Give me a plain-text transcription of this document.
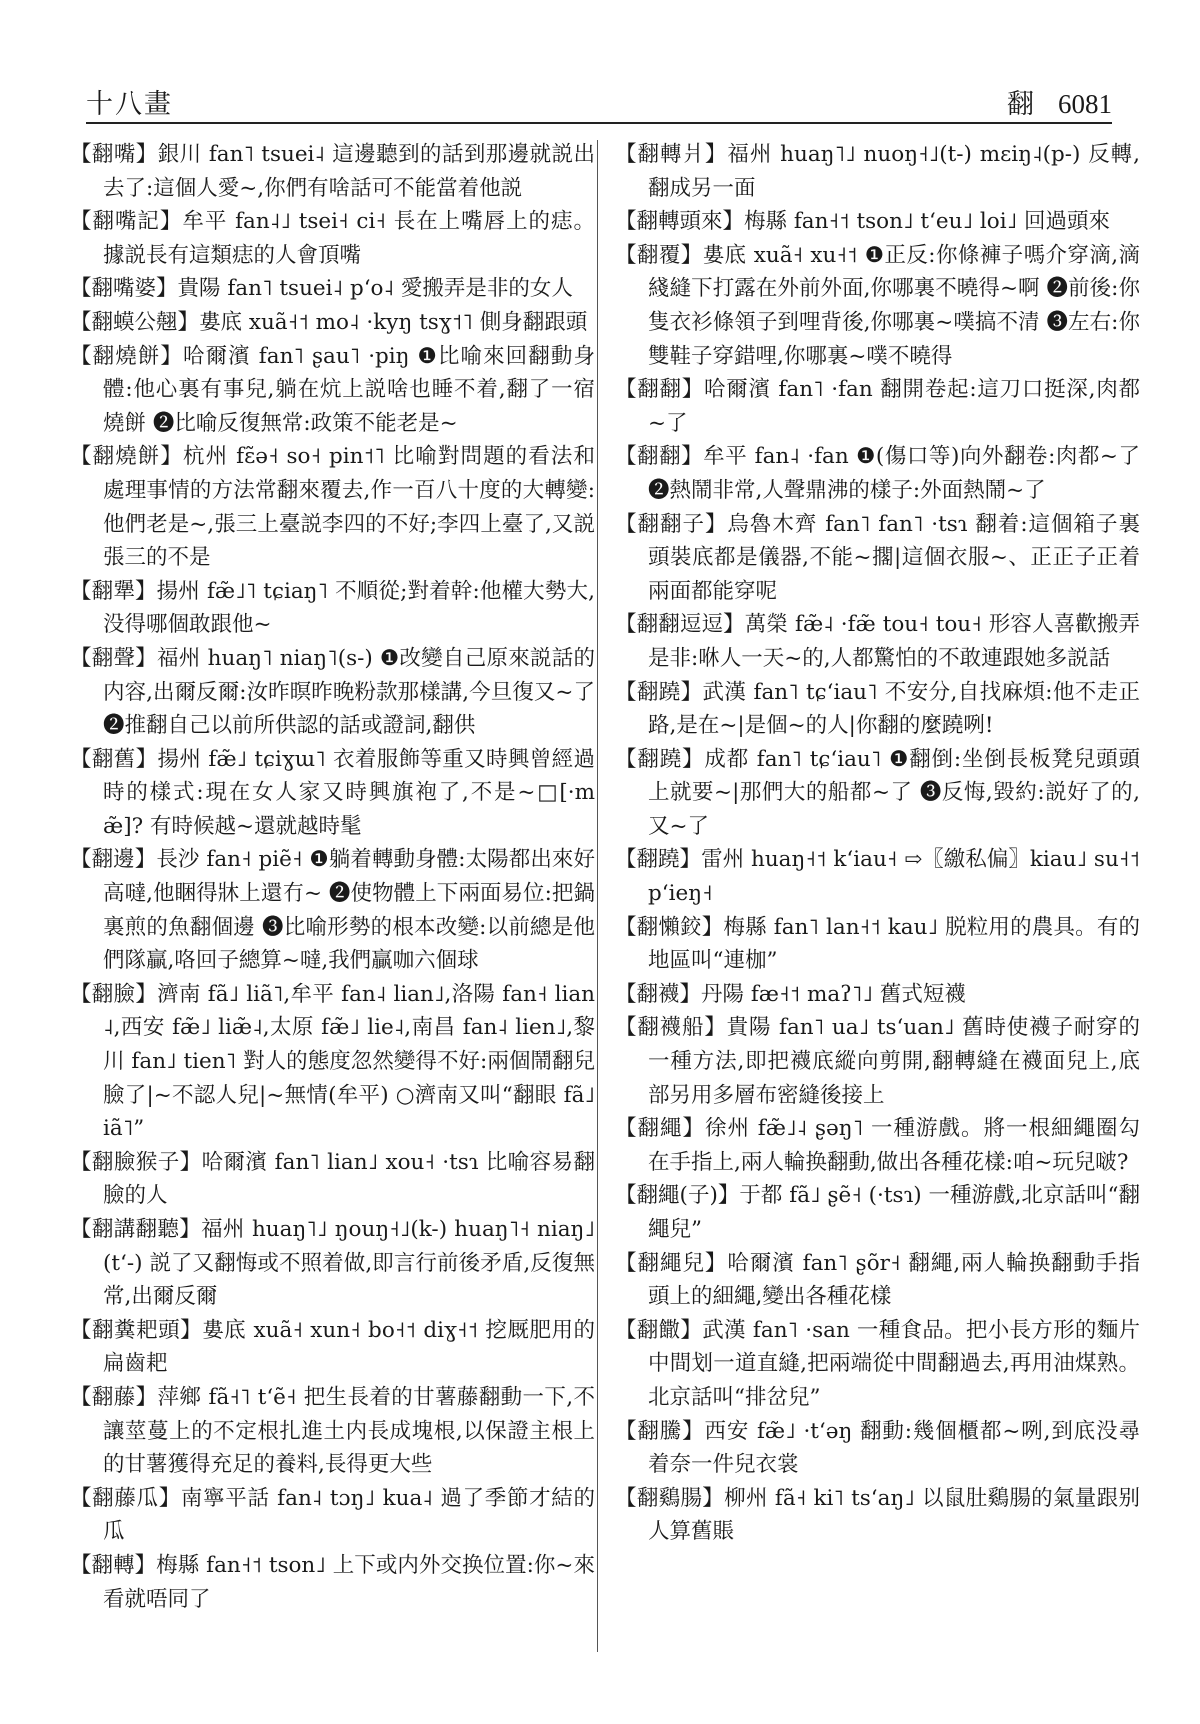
十八畫	翻 6081

【翻嘴】銀川 fan˥ tsuei˨ 這邊聽到的話到那邊就説出去了:這個人愛~,你們有啥話可不能當着他説

【翻嘴記】牟平 fan˨˩ tsei˧ ci˧ 長在上嘴唇上的痣。據説長有這類痣的人會頂嘴

【翻嘴婆】貴陽 fan˥ tsuei˨ pʻo˨ 愛搬弄是非的女人

【翻蟆公翹】婁底 xuã˧˦ mo˨ ·kyŋ tsɣ˦˥ 側身翻跟頭

【翻燒餅】哈爾濱 fan˥ ʂau˥ ·piŋ ❶比喻來回翻動身體:他心裏有事兒,躺在炕上説啥也睡不着,翻了一宿燒餅 ❷比喻反復無常:政策不能老是~

【翻燒餅】杭州 fɛ̃ə˧ so˧ pin˦˥ 比喻對問題的看法和處理事情的方法常翻來覆去,作一百八十度的大轉變:他們老是~,張三上臺説李四的不好;李四上臺了,又説張三的不是

【翻犟】揚州 fæ̃˩˥ tɕiaŋ˥ 不順從;對着幹:他權大勢大,没得哪個敢跟他~

【翻聲】福州 huaŋ˥ niaŋ˥(s-) ❶改變自己原來説話的内容,出爾反爾:汝昨暝昨晚粉款那樣講,今旦復又~了 ❷推翻自己以前所供認的話或證詞,翻供

【翻舊】揚州 fæ̃˩ tɕiɣɯ˥ 衣着服飾等重又時興曾經過時的樣式:現在女人家又時興旗袍了,不是~□[·mæ̃]? 有時候越~還就越時髦

【翻邊】長沙 fan˧ piẽ˧ ❶躺着轉動身體:太陽都出來好高噠,他睏得牀上還冇~ ❷使物體上下兩面易位:把鍋裏煎的魚翻個邊 ❸比喻形勢的根本改變:以前總是他們隊贏,咯回子總算~噠,我們贏咖六個球

【翻臉】濟南 fã˩ liã˥,牟平 fan˨ lian˩,洛陽 fan˧ lian˨,西安 fæ̃˩ liæ̃˨,太原 fæ̃˩ lie˨,南昌 fan˨ lien˩,黎川 fan˩ tien˥ 對人的態度忽然變得不好:兩個鬧翻兒臉了|~不認人兒|~無情(牟平) ○濟南又叫“翻眼 fã˩ iã˥”

【翻臉猴子】哈爾濱 fan˥ lian˩ xou˧ ·tsɿ 比喻容易翻臉的人

【翻講翻聽】福州 huaŋ˥˩ ŋouŋ˧˩(k-) huaŋ˥˧ niaŋ˩(tʻ-) 説了又翻悔或不照着做,即言行前後矛盾,反復無常,出爾反爾

【翻糞耙頭】婁底 xuã˧ xun˧ bo˧˦ diɣ˧˦ 挖厩肥用的扁齒耙

【翻藤】萍鄉 fã˧˥ tʻẽ˧ 把生長着的甘薯藤翻動一下,不讓莖蔓上的不定根扎進土内長成塊根,以保證主根上的甘薯獲得充足的養料,長得更大些

【翻藤瓜】南寧平話 fan˨ tɔŋ˩ kua˨ 過了季節才結的瓜

【翻轉】梅縣 fan˧˦ tson˩ 上下或内外交换位置:你~來看就唔同了

【翻轉爿】福州 huaŋ˥˩ nuoŋ˧˩(t-) mɛiŋ˨(p-) 反轉,翻成另一面

【翻轉頭來】梅縣 fan˧˦ tson˩ tʻeu˩ loi˩ 回過頭來

【翻覆】婁底 xuã˧ xu˧˦ ❶正反:你條褲子嗎介穿滴,滴綫縫下打露在外前外面,你哪裏不曉得~啊 ❷前後:你隻衣衫條領子到哩背後,你哪裏~噗搞不清 ❸左右:你雙鞋子穿錯哩,你哪裏~噗不曉得

【翻翻】哈爾濱 fan˥ ·fan 翻開卷起:這刀口挺深,肉都~了

【翻翻】牟平 fan˨ ·fan ❶(傷口等)向外翻卷:肉都~了 ❷熱鬧非常,人聲鼎沸的樣子:外面熱鬧~了

【翻翻子】烏魯木齊 fan˥ fan˥ ·tsɿ 翻着:這個箱子裏頭裝底都是儀器,不能~擱|這個衣服~、正正子正着兩面都能穿呢

【翻翻逗逗】萬榮 fæ̃˨ ·fæ̃ tou˧ tou˧ 形容人喜歡搬弄是非:咻人一天~的,人都驚怕的不敢連跟她多説話

【翻蹺】武漢 fan˥ tɕʻiau˥ 不安分,自找麻煩:他不走正路,是在~|是個~的人|你翻的麼蹺咧!

【翻蹺】成都 fan˥ tɕʻiau˥ ❶翻倒:坐倒長板凳兒頭頭上就要~|那們大的船都~了 ❸反悔,毀約:説好了的,又~了

【翻蹺】雷州 huaŋ˧˦ kʻiau˧ ⇨〖繳私偏〗kiau˩ su˧˦ pʻieŋ˧

【翻懶鉸】梅縣 fan˥ lan˧˦ kau˩ 脱粒用的農具。有的地區叫“連枷”

【翻襪】丹陽 fæ˧˦ maʔ˥˩ 舊式短襪

【翻襪船】貴陽 fan˥ ua˩ tsʻuan˩ 舊時使襪子耐穿的一種方法,即把襪底縱向剪開,翻轉縫在襪面兒上,底部另用多層布密縫後接上

【翻繩】徐州 fæ̃˩˨ ʂəŋ˥ 一種游戲。將一根細繩圈勾在手指上,兩人輪换翻動,做出各種花樣:咱~玩兒啵?

【翻繩(子)】于都 fã˩ ʂẽ˧ (·tsɿ) 一種游戲,北京話叫“翻繩兒”

【翻繩兒】哈爾濱 fan˥ ʂõr˧ 翻繩,兩人輪换翻動手指頭上的細繩,變出各種花樣

【翻饊】武漢 fan˥ ·san 一種食品。把小長方形的麵片中間划一道直縫,把兩端從中間翻過去,再用油煤熟。北京話叫“排岔兒”

【翻騰】西安 fæ̃˩ ·tʻəŋ 翻動:幾個櫃都~咧,到底没尋着奈一件兒衣裳

【翻鷄腸】柳州 fã˧ ki˥ tsʻaŋ˩ 以鼠肚鷄腸的氣量跟别人算舊賬
